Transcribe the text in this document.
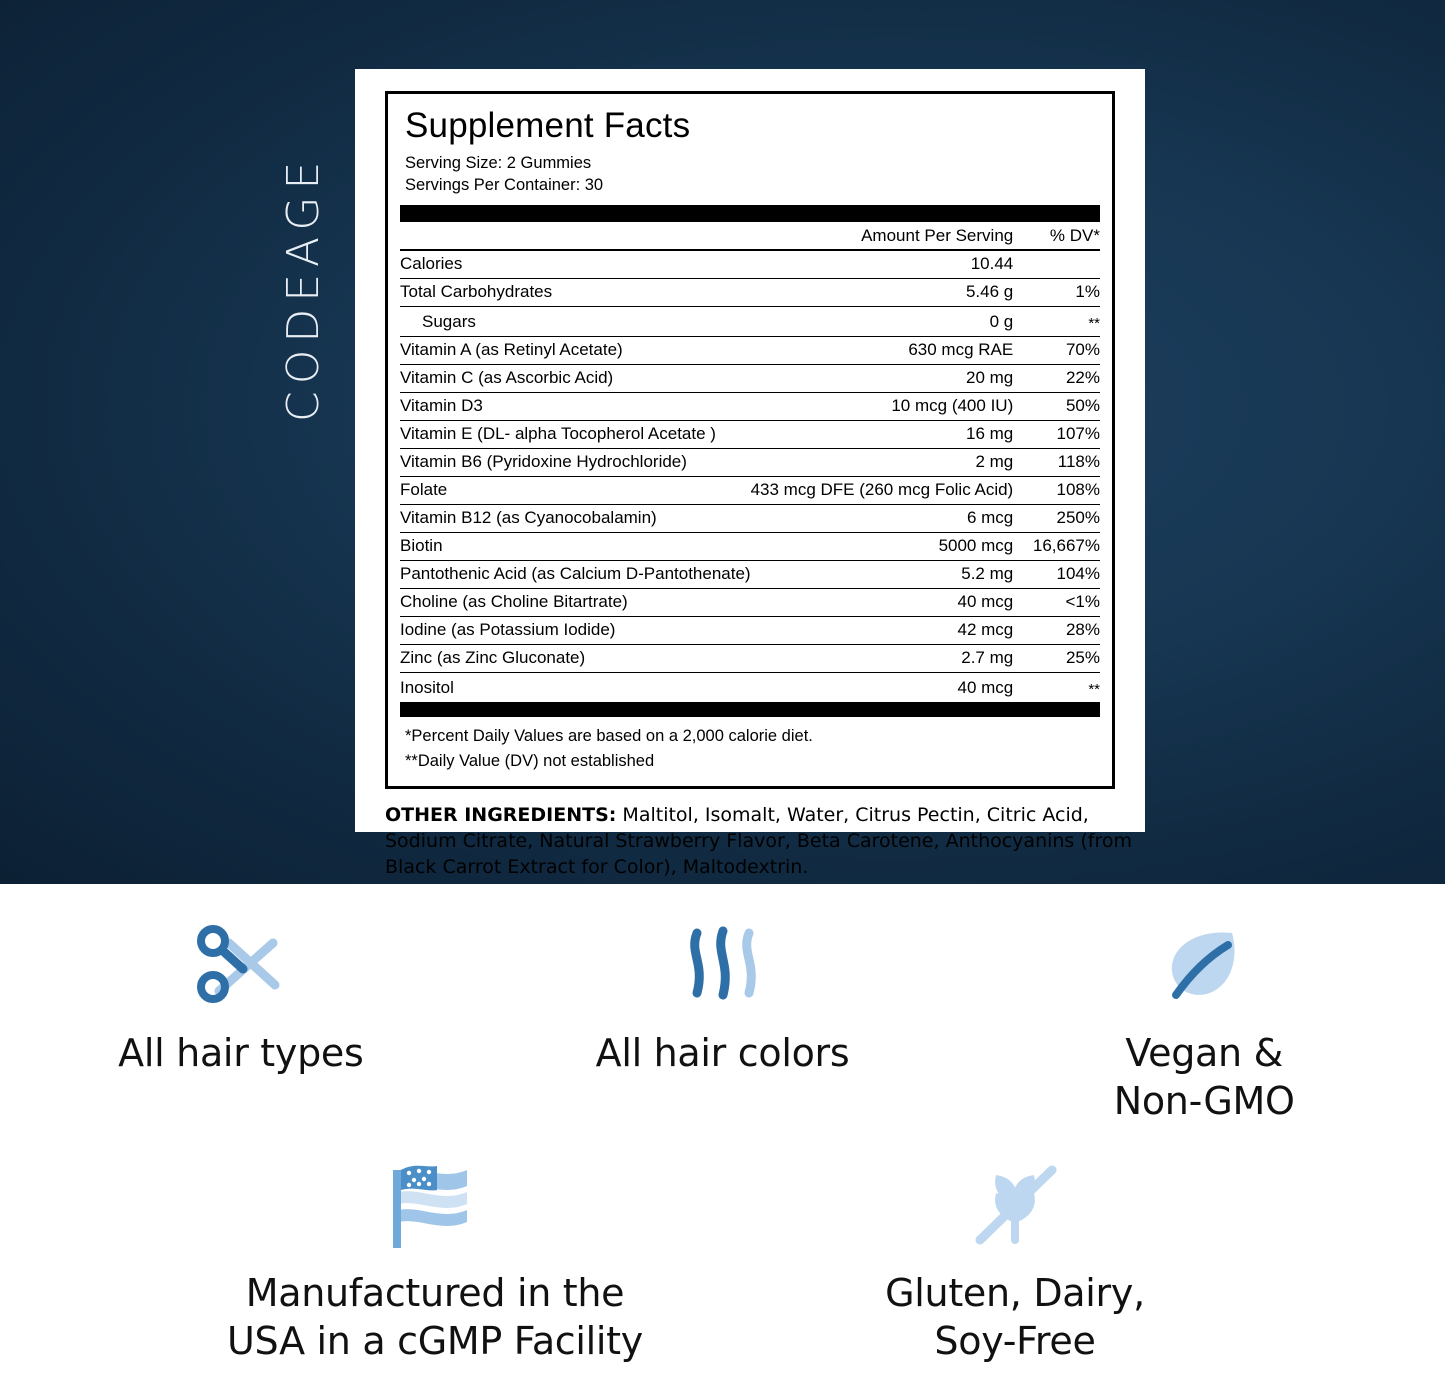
CODEAGE
Supplement Facts
Serving Size: 2 Gummies
Servings Per Container: 30
	Amount Per Serving	% DV*
Calories	10.44	
Total Carbohydrates	5.46 g	1%
Sugars	0 g	**
Vitamin A (as Retinyl Acetate)	630 mcg RAE	70%
Vitamin C (as Ascorbic Acid)	20 mg	22%
Vitamin D3	10 mcg (400 IU)	50%
Vitamin E (DL- alpha Tocopherol Acetate )	16 mg	107%
Vitamin B6 (Pyridoxine Hydrochloride)	2 mg	118%
Folate	433 mcg DFE (260 mcg Folic Acid)	108%
Vitamin B12 (as Cyanocobalamin)	6 mcg	250%
Biotin	5000 mcg	16,667%
Pantothenic Acid (as Calcium D-Pantothenate)	5.2 mg	104%
Choline (as Choline Bitartrate)	40 mcg	<1%
Iodine (as Potassium Iodide)	42 mcg	28%
Zinc (as Zinc Gluconate)	2.7 mg	25%
Inositol	40 mcg	**
*Percent Daily Values are based on a 2,000 calorie diet.
**Daily Value (DV) not established
OTHER INGREDIENTS: Maltitol, Isomalt, Water, Citrus Pectin, Citric Acid, Sodium Citrate, Natural Strawberry Flavor, Beta Carotene, Anthocyanins (from Black Carrot Extract for Color), Maltodextrin.
All hair types	All hair colors	Vegan &
Non-GMO
Manufactured in the
USA in a cGMP Facility
Gluten, Dairy,
Soy-Free
